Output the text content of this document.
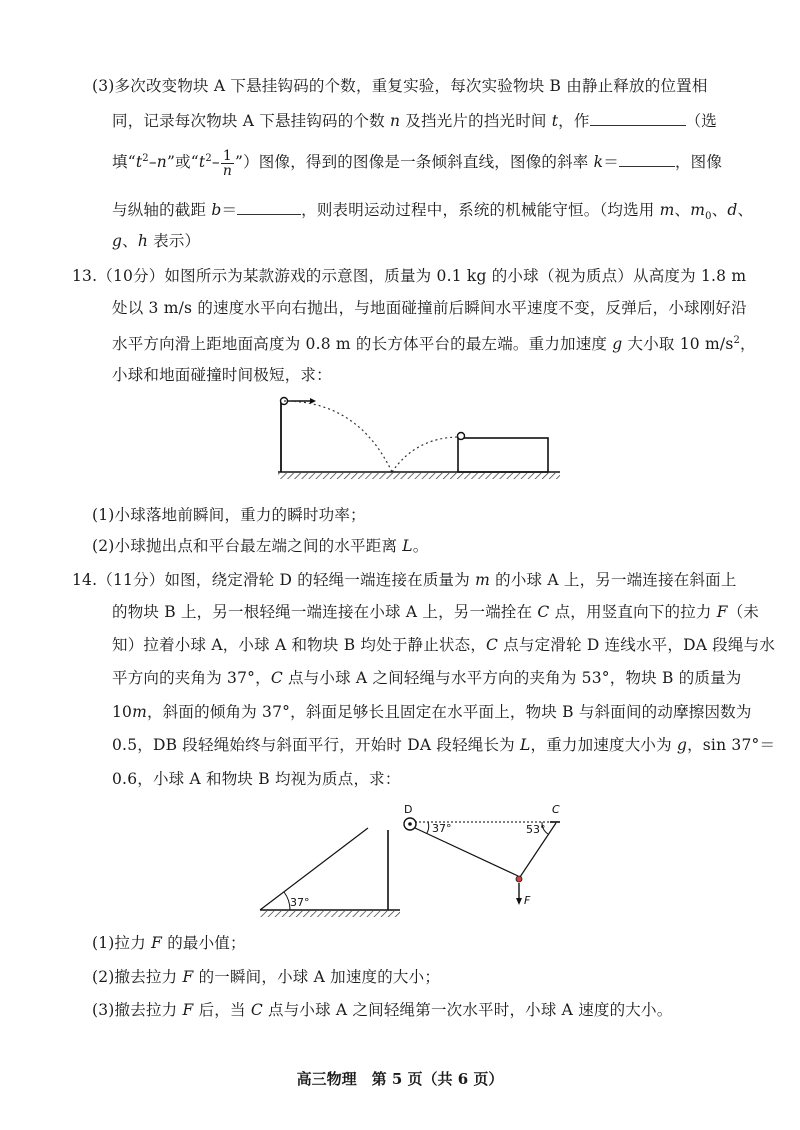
(3)多次改变物块 A 下悬挂钩码的个数，重复实验，每次实验物块 B 由静止释放的位置相
同，记录每次物块 A 下悬挂钩码的个数 n 及挡光片的挡光时间 t，作	（选
填“$t^2-n$”或“$t^2- \frac{1}{n}$ ”）图像，得到的图像是一条倾斜直线，图像的斜率 k＝	，图像
与纵轴的截距 b＝	，则表明运动过程中，系统的机械能守恒。（均选用 m、$m_0$、d、
g、h 表示）
13.（10分）如图所示为某款游戏的示意图，质量为 0.1 kg 的小球（视为质点）从高度为 1.8 m
处以 3 m/s 的速度水平向右抛出，与地面碰撞前后瞬间水平速度不变，反弹后，小球刚好沿
水平方向滑上距地面高度为 0.8 m 的长方体平台的最左端。重力加速度 g 大小取 10 $m/s^2$，
小球和地面碰撞时间极短，求：
(1)小球落地前瞬间，重力的瞬时功率；
(2)小球抛出点和平台最左端之间的水平距离 L。
14.（11分）如图，绕定滑轮 D 的轻绳一端连接在质量为 m 的小球 A 上，另一端连接在斜面上
的物块 B 上，另一根轻绳一端连接在小球 A 上，另一端拴在 C 点，用竖直向下的拉力 F（未
知）拉着小球 A，小球 A 和物块 B 均处于静止状态，C 点与定滑轮 D 连线水平，DA 段绳与水
平方向的夹角为 37°，C 点与小球 A 之间轻绳与水平方向的夹角为 53°，物块 B 的质量为
10m，斜面的倾角为 37°，斜面足够长且固定在水平面上，物块 B 与斜面间的动摩擦因数为
0.5，DB 段轻绳始终与斜面平行，开始时 DA 段轻绳长为 L，重力加速度大小为 g，sin 37°＝
0.6，小球 A 和物块 B 均视为质点，求：
37°
D	C
37°	53°
F
(1)拉力 F 的最小值；
(2)撤去拉力 F 的一瞬间，小球 A 加速度的大小；
(3)撤去拉力 F 后，当 C 点与小球 A 之间轻绳第一次水平时，小球 A 速度的大小。
高三物理　第 5 页（共 6 页）
